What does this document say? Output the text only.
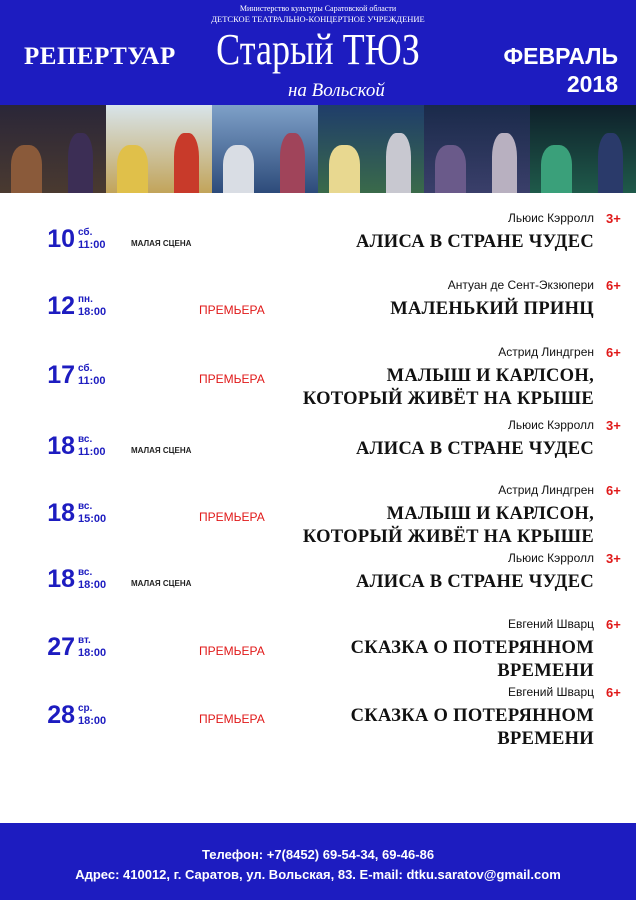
Министерство культуры Саратовской области
ДЕТСКОЕ ТЕАТРАЛЬНО-КОНЦЕРТНОЕ УЧРЕЖДЕНИЕ
РЕПЕРТУАР Старый ТЮЗ
на Вольской
ФЕВРАЛЬ
2018
10 сб.
11:00
Льюис Кэрролл 3+
МАЛАЯ СЦЕНА	АЛИСА В СТРАНЕ ЧУДЕС
12 пн.
18:00
Антуан де Сент-Экзюпери 6+
ПРЕМЬЕРА	МАЛЕНЬКИЙ ПРИНЦ
17 сб.
11:00
Астрид Линдгрен 6+
ПРЕМЬЕРА	МАЛЫШ И КАРЛСОН,
КОТОРЫЙ ЖИВЁТ НА КРЫШЕ
18 вс.
11:00
Льюис Кэрролл 3+
МАЛАЯ СЦЕНА	АЛИСА В СТРАНЕ ЧУДЕС
18 вс.
15:00
Астрид Линдгрен 6+
ПРЕМЬЕРА	МАЛЫШ И КАРЛСОН,
КОТОРЫЙ ЖИВЁТ НА КРЫШЕ
18 вс.
18:00
Льюис Кэрролл 3+
МАЛАЯ СЦЕНА	АЛИСА В СТРАНЕ ЧУДЕС
27 вт.
18:00
Евгений Шварц 6+
ПРЕМЬЕРА	СКАЗКА О ПОТЕРЯННОМ
ВРЕМЕНИ
28 ср.
18:00
Евгений Шварц 6+
ПРЕМЬЕРА	СКАЗКА О ПОТЕРЯННОМ
ВРЕМЕНИ
Телефон: +7(8452) 69-54-34, 69-46-86
Адрес: 410012, г. Саратов, ул. Вольская, 83. E-mail: dtku.saratov@gmail.com
